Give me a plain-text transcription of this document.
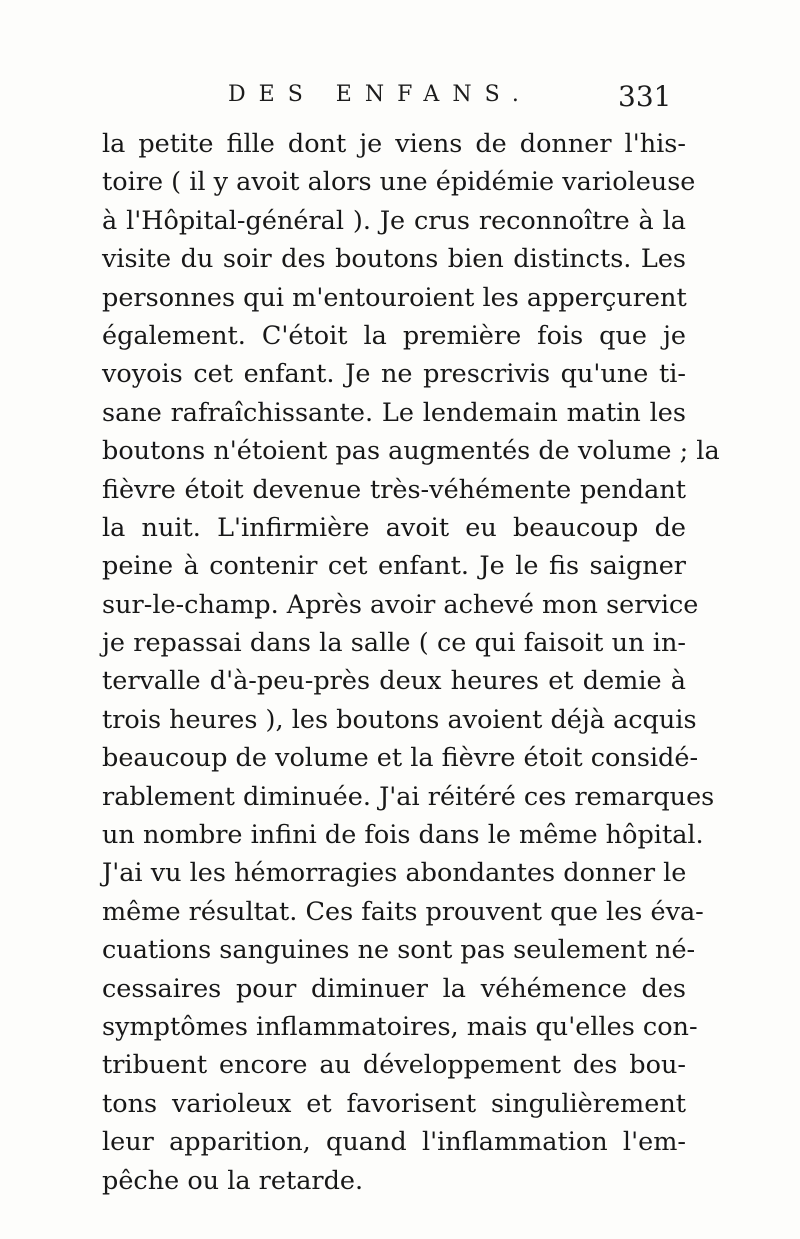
DES ENFANS.	331
la petite fille dont je viens de donner l'his-
toire ( il y avoit alors une épidémie varioleuse
à l'Hôpital-général ). Je crus reconnoître à la
visite du soir des boutons bien distincts. Les
personnes qui m'entouroient les apperçurent
également. C'étoit la première fois que je
voyois cet enfant. Je ne prescrivis qu'une ti-
sane rafraîchissante. Le lendemain matin les
boutons n'étoient pas augmentés de volume ; la
fièvre étoit devenue très-véhémente pendant
la nuit. L'infirmière avoit eu beaucoup de
peine à contenir cet enfant. Je le fis saigner
sur-le-champ. Après avoir achevé mon service
je repassai dans la salle ( ce qui faisoit un in-
tervalle d'à-peu-près deux heures et demie à
trois heures ), les boutons avoient déjà acquis
beaucoup de volume et la fièvre étoit considé-
rablement diminuée. J'ai réitéré ces remarques
un nombre infini de fois dans le même hôpital.
J'ai vu les hémorragies abondantes donner le
même résultat. Ces faits prouvent que les éva-
cuations sanguines ne sont pas seulement né-
cessaires pour diminuer la véhémence des
symptômes inflammatoires, mais qu'elles con-
tribuent encore au développement des bou-
tons varioleux et favorisent singulièrement
leur apparition, quand l'inflammation l'em-
pêche ou la retarde.
